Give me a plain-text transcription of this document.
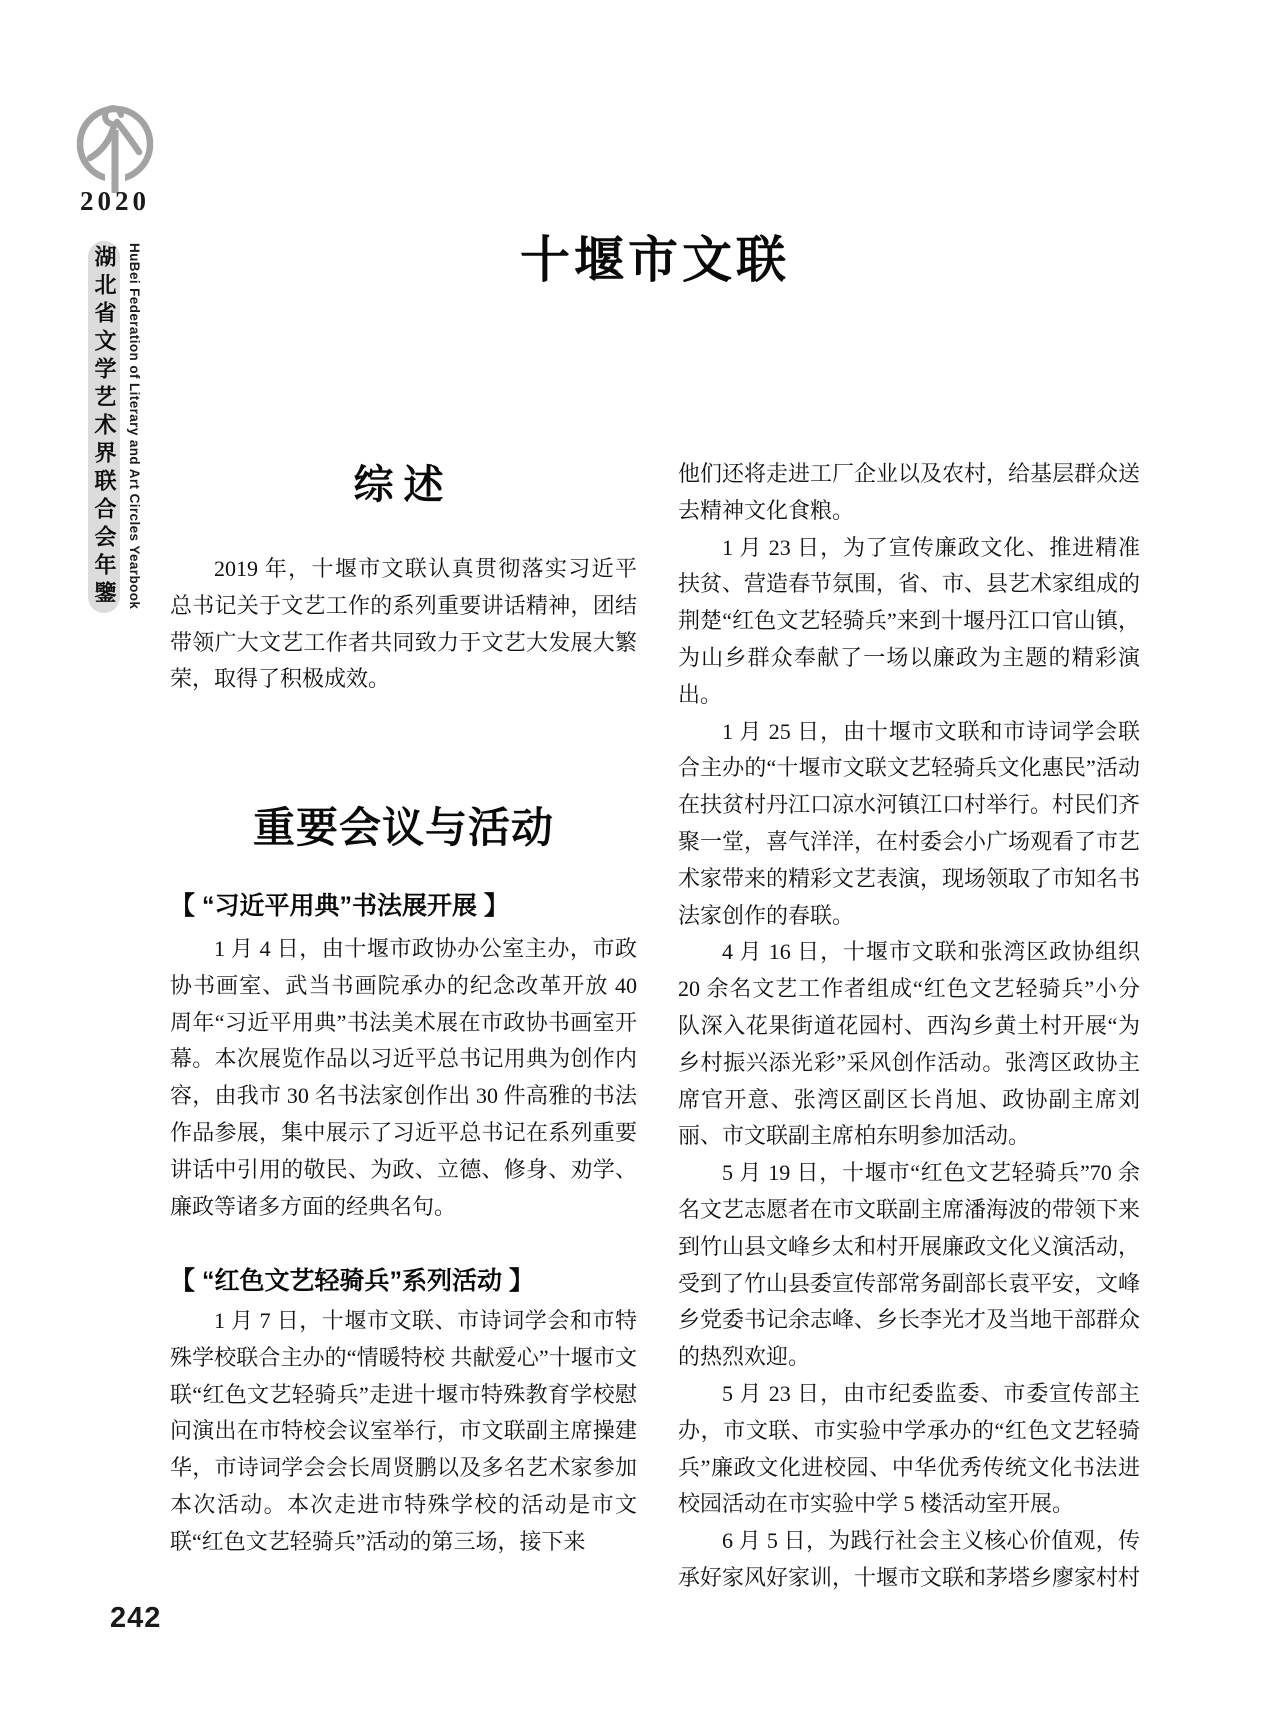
2020
湖北省文学艺术界联合会年鑒 HuBei Federation of Literary and Art Circles Yearbook	十堰市文联
综述

2019 年，十堰市文联认真贯彻落实习近平总书记关于文艺工作的系列重要讲话精神，团结带领广大文艺工作者共同致力于文艺大发展大繁荣，取得了积极成效。

重要会议与活动
【 “习近平用典”书法展开展 】

1 月 4 日，由十堰市政协办公室主办，市政协书画室、武当书画院承办的纪念改革开放 40 周年“习近平用典”书法美术展在市政协书画室开幕。本次展览作品以习近平总书记用典为创作内容，由我市 30 名书法家创作出 30 件高雅的书法作品参展，集中展示了习近平总书记在系列重要讲话中引用的敬民、为政、立德、修身、劝学、廉政等诸多方面的经典名句。

【 “红色文艺轻骑兵”系列活动 】

1 月 7 日，十堰市文联、市诗词学会和市特殊学校联合主办的“情暖特校 共献爱心”十堰市文联“红色文艺轻骑兵”走进十堰市特殊教育学校慰问演出在市特校会议室举行，市文联副主席操建华，市诗词学会会长周贤鹏以及多名艺术家参加本次活动。本次走进市特殊学校的活动是市文联“红色文艺轻骑兵”活动的第三场，接下来

他们还将走进工厂企业以及农村，给基层群众送去精神文化食粮。

1 月 23 日，为了宣传廉政文化、推进精准扶贫、营造春节氛围，省、市、县艺术家组成的荆楚“红色文艺轻骑兵”来到十堰丹江口官山镇，为山乡群众奉献了一场以廉政为主题的精彩演出。

1 月 25 日，由十堰市文联和市诗词学会联合主办的“十堰市文联文艺轻骑兵文化惠民”活动在扶贫村丹江口凉水河镇江口村举行。村民们齐聚一堂，喜气洋洋，在村委会小广场观看了市艺术家带来的精彩文艺表演，现场领取了市知名书法家创作的春联。

4 月 16 日，十堰市文联和张湾区政协组织 20 余名文艺工作者组成“红色文艺轻骑兵”小分队深入花果街道花园村、西沟乡黄土村开展“为乡村振兴添光彩”采风创作活动。张湾区政协主席官开意、张湾区副区长肖旭、政协副主席刘丽、市文联副主席柏东明参加活动。

5 月 19 日，十堰市“红色文艺轻骑兵”70 余名文艺志愿者在市文联副主席潘海波的带领下来到竹山县文峰乡太和村开展廉政文化义演活动，受到了竹山县委宣传部常务副部长袁平安，文峰乡党委书记余志峰、乡长李光才及当地干部群众的热烈欢迎。

5 月 23 日，由市纪委监委、市委宣传部主办，市文联、市实验中学承办的“红色文艺轻骑兵”廉政文化进校园、中华优秀传统文化书法进校园活动在市实验中学 5 楼活动室开展。

6 月 5 日，为践行社会主义核心价值观，传承好家风好家训，十堰市文联和茅塔乡廖家村村

242
